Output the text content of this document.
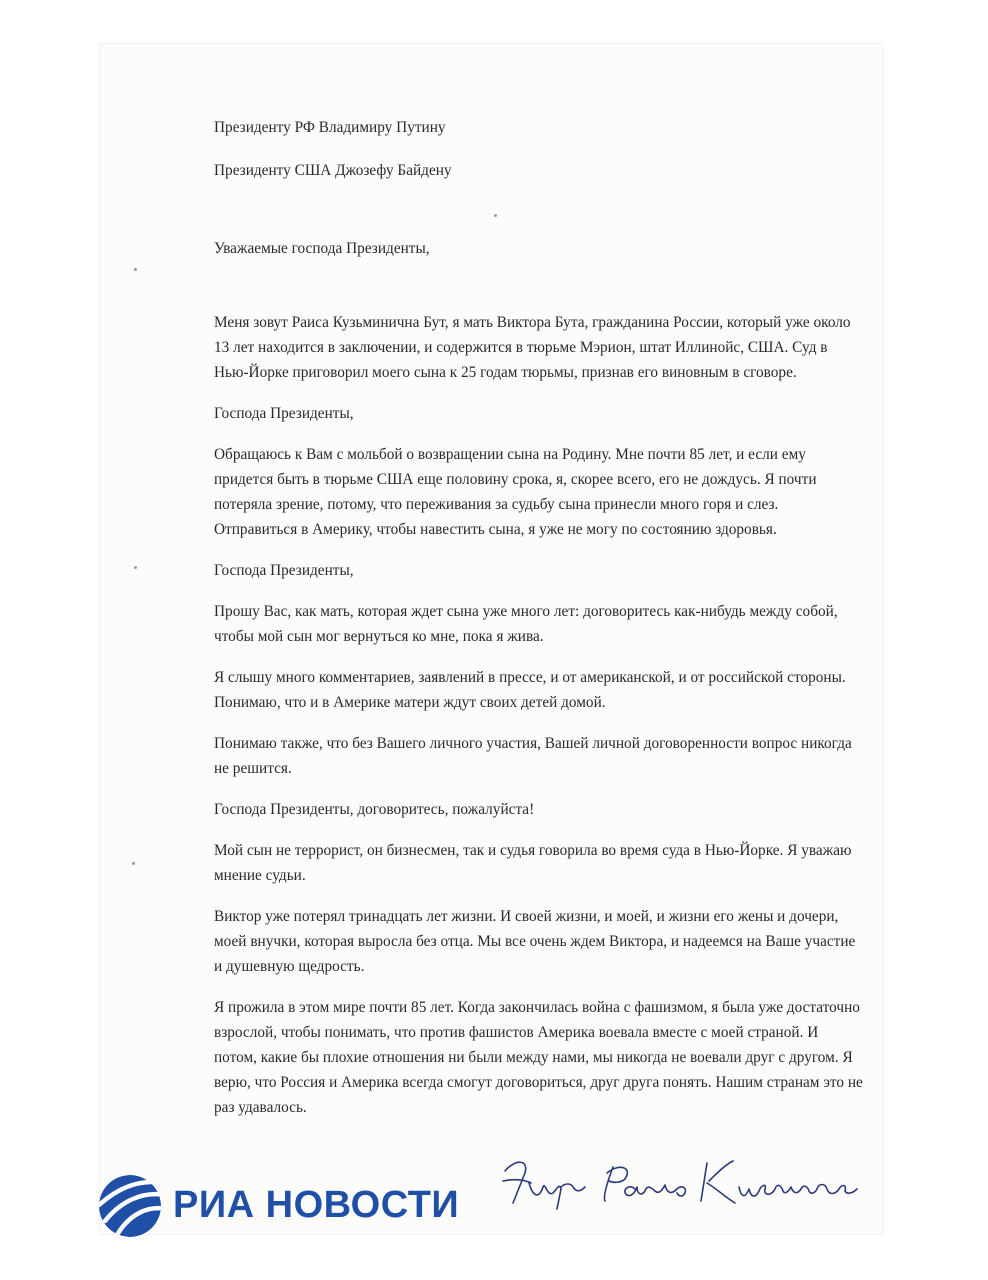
Президенту РФ Владимиру Путину

Президенту США Джозефу Байдену

Уважаемые господа Президенты,

Меня зовут Раиса Кузьминична Бут, я мать Виктора Бута, гражданина России, который уже около 13 лет находится в заключении, и содержится в тюрьме Мэрион, штат Иллинойс, США. Суд в Нью-Йорке приговорил моего сына к 25 годам тюрьмы, признав его виновным в сговоре.

Господа Президенты,

Обращаюсь к Вам с мольбой о возвращении сына на Родину. Мне почти 85 лет, и если ему придется быть в тюрьме США еще половину срока, я, скорее всего, его не дождусь. Я почти потеряла зрение, потому, что переживания за судьбу сына принесли много горя и слез. Отправиться в Америку, чтобы навестить сына, я уже не могу по состоянию здоровья.

Господа Президенты,

Прошу Вас, как мать, которая ждет сына уже много лет: договоритесь как-нибудь между собой, чтобы мой сын мог вернуться ко мне, пока я жива.

Я слышу много комментариев, заявлений в прессе, и от американской, и от российской стороны. Понимаю, что и в Америке матери ждут своих детей домой.

Понимаю также, что без Вашего личного участия, Вашей личной договоренности вопрос никогда не решится.

Господа Президенты, договоритесь, пожалуйста!

Мой сын не террорист, он бизнесмен, так и судья говорила во время суда в Нью-Йорке. Я уважаю мнение судьи.

Виктор уже потерял тринадцать лет жизни. И своей жизни, и моей, и жизни его жены и дочери, моей внучки, которая выросла без отца. Мы все очень ждем Виктора, и надеемся на Ваше участие и душевную щедрость.

Я прожила в этом мире почти 85 лет. Когда закончилась война с фашизмом, я была уже достаточно взрослой, чтобы понимать, что против фашистов Америка воевала вместе с моей страной. И потом, какие бы плохие отношения ни были между нами, мы никогда не воевали друг с другом. Я верю, что Россия и Америка всегда смогут договориться, друг друга понять. Нашим странам это не раз удавалось.

РИА НОВОСТИ
